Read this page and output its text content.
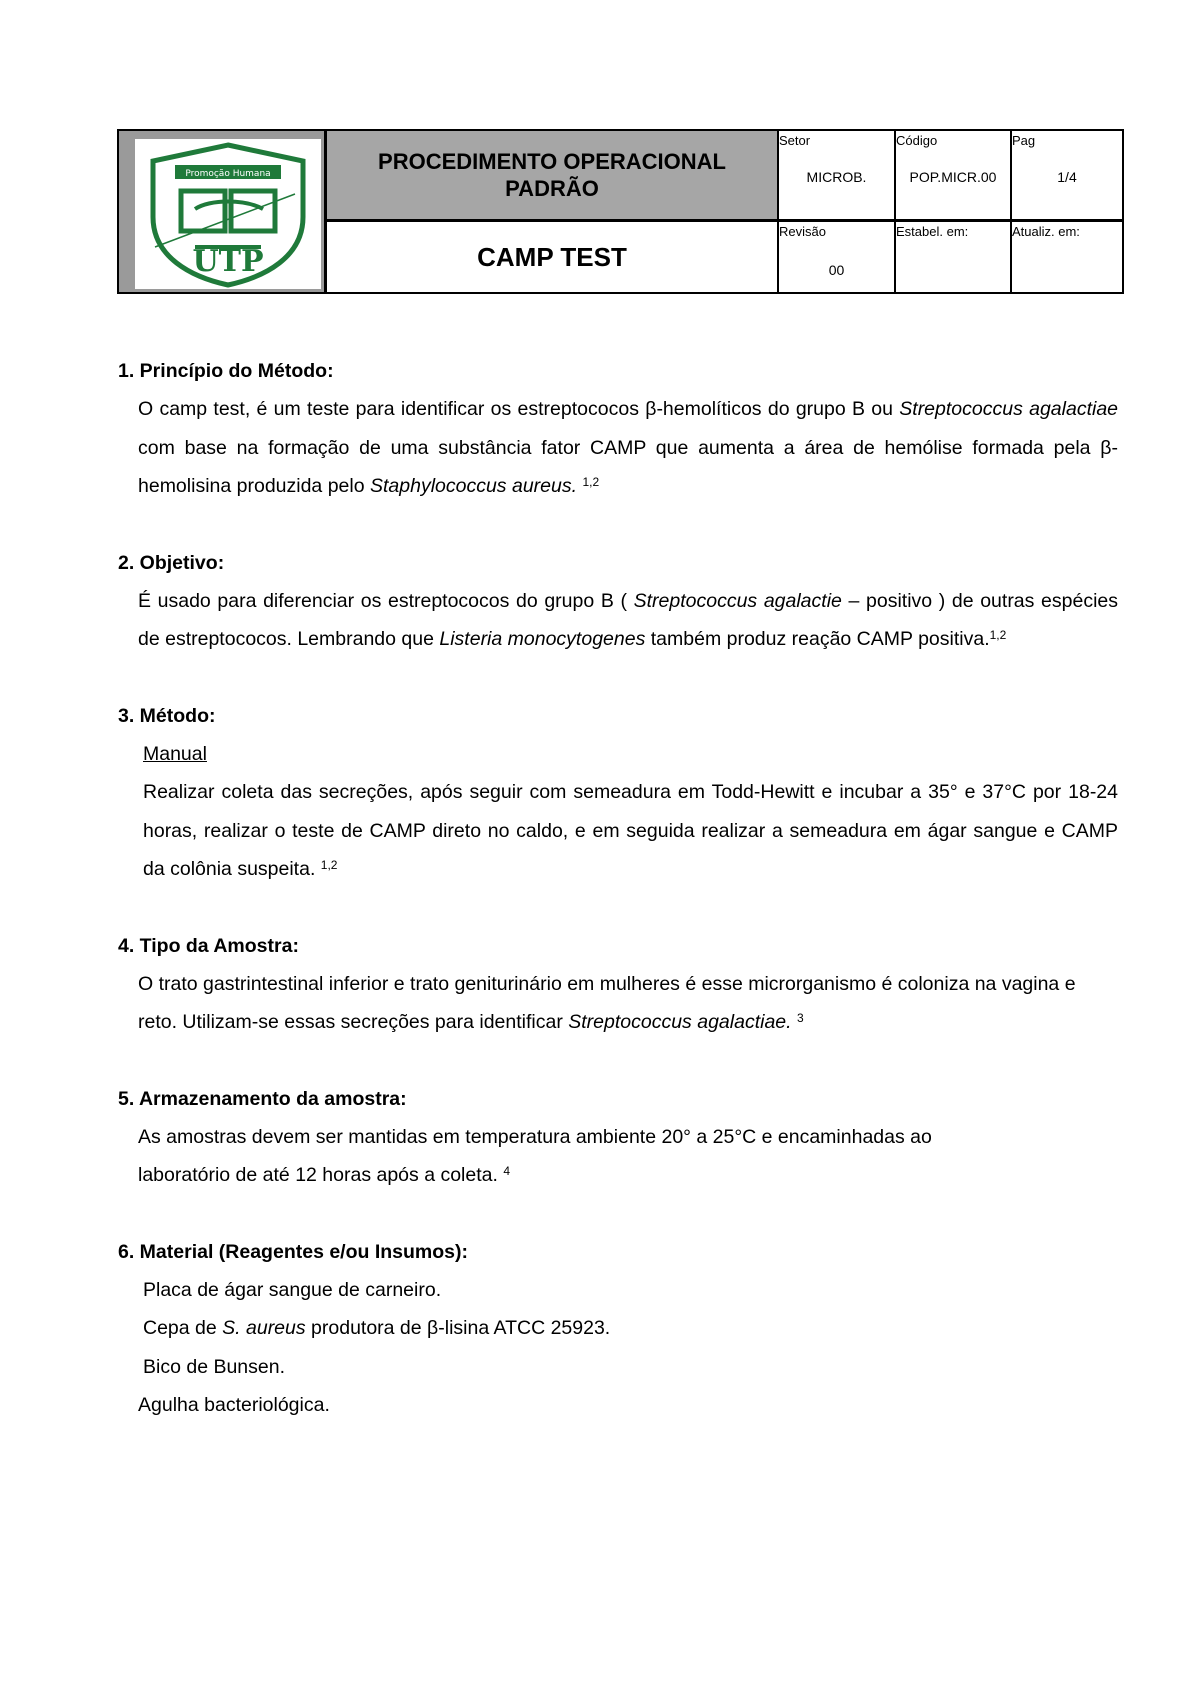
Promoção Humana
UTP
PROCEDIMENTO OPERACIONAL PADRÃO
CAMP TEST
Setor
MICROB.
Código
POP.MICR.00
Pag
1/4
Revisão
00
Estabel. em:	Atualiz. em:
1. Princípio do Método:

O camp test, é um teste para identificar os estreptococos β-hemolíticos do grupo B ou Streptococcus agalactiae com base na formação de uma substância fator CAMP que aumenta a área de hemólise formada pela β-hemolisina produzida pelo Staphylococcus aureus. $^{1,2}$

2. Objetivo:

É usado para diferenciar os estreptococos do grupo B ( Streptococcus agalactie – positivo ) de outras espécies de estreptococos. Lembrando que Listeria monocytogenes também produz reação CAMP positiva.$^{1,2}$

3. Método:

Manual

Realizar coleta das secreções, após seguir com semeadura em Todd-Hewitt e incubar a 35° e 37°C por 18-24 horas, realizar o teste de CAMP direto no caldo, e em seguida realizar a semeadura em ágar sangue e CAMP da colônia suspeita. $^{1,2}$

4. Tipo da Amostra:

O trato gastrintestinal inferior e trato geniturinário em mulheres é esse microrganismo é coloniza na vagina e reto. Utilizam-se essas secreções para identificar Streptococcus agalactiae. $^3$

5. Armazenamento da amostra:

As amostras devem ser mantidas em temperatura ambiente 20° a 25°C e encaminhadas ao laboratório de até 12 horas após a coleta. $^4$

6. Material (Reagentes e/ou Insumos):

Placa de ágar sangue de carneiro.
Cepa de S. aureus produtora de β-lisina ATCC 25923.
Bico de Bunsen.
Agulha bacteriológica.
